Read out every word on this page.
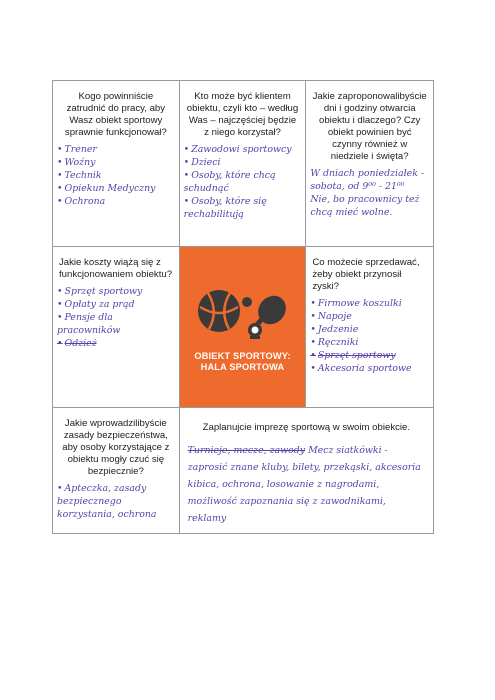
Kogo powinniście zatrudnić do pracy, aby Wasz obiekt sportowy sprawnie funkcjonował?

• Trener
• Woźny
• Technik
• Opiekun Medyczny
• Ochrona

Kto może być klientem obiektu, czyli kto – według Was – najczęściej będzie z niego korzystał?

• Zawodowi sportowcy
• Dzieci
• Osoby, które chcą schudnąć
• Osoby, które się rechabilitują

Jakie zaproponowalibyście dni i godziny otwarcia obiektu i dlaczego? Czy obiekt powinien być czynny również w niedziele i święta?

W dniach poniedziałek - sobota, od 9⁰⁰ - 21⁰⁰
Nie, bo pracownicy też chcą mieć wolne.

Jakie koszty wiążą się z funkcjonowaniem obiektu?

• Sprzęt sportowy
• Opłaty za prąd
• Pensje dla pracowników
• Odzież
OBIEKT SPORTOWY:
HALA SPORTOWA

Co możecie sprzedawać, żeby obiekt przynosił zyski?

• Firmowe koszulki
• Napoje
• Jedzenie
• Ręczniki
• Sprzęt sportowy
• Akcesoria sportowe

Jakie wprowadzilibyście zasady bezpieczeństwa, aby osoby korzystające z obiektu mogły czuć się bezpiecznie?

• Apteczka, zasady bezpiecznego korzystania, ochrona

Zaplanujcie imprezę sportową w swoim obiekcie.

Turnieje, mecze, zawody Mecz siatkówki - zaprosić znane kluby, bilety, przekąski, akcesoria kibica, ochrona, losowanie z nagrodami, możliwość zapoznania się z zawodnikami, reklamy
